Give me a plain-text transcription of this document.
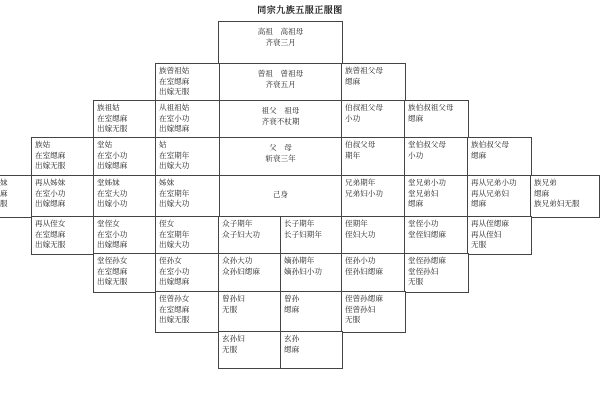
同宗九族五服正服图
高祖　高祖母
齐衰三月
曾祖　曾祖母
齐衰五月
祖父　祖母
齐衰不杖期
父　母
斩衰三年
己身
族曾祖姑
在室缌麻
出嫁无服
族曾祖父母
缌麻
族祖姑
在室缌麻
出嫁无服
从祖祖姑
在室小功
出嫁缌麻
伯叔祖父母
小功
族伯叔祖父母
缌麻
族姑
在室缌麻
出嫁无服
堂姑
在室小功
出嫁缌麻
姑
在室期年
出嫁大功
伯叔父母
期年
堂伯叔父母
小功
族伯叔父母
缌麻
妹
麻
服
再从姊妹
在室小功
出嫁缌麻
堂姊妹
在室大功
出嫁小功
姊妹
在室期年
出嫁大功
兄弟期年
兄弟妇小功
堂兄弟小功
堂兄弟妇
缌麻
再从兄弟小功
再从兄弟妇
缌麻
族兄弟
缌麻
族兄弟妇无服
再从侄女
在室缌麻
出嫁无服
堂侄女
在室小功
出嫁缌麻
侄女
在室期年
出嫁大功
众子期年
众子妇大功
长子期年
长子妇期年
侄期年
侄妇大功
堂侄小功
堂侄妇缌麻
再从侄缌麻
再从侄妇
无服
堂侄孙女
在室缌麻
出嫁无服
侄孙女
在室小功
出嫁缌麻
众孙大功
众孙妇缌麻
嫡孙期年
嫡孙妇小功
侄孙小功
侄孙妇缌麻
堂侄孙缌麻
堂侄孙妇
无服
侄曾孙女
在室缌麻
出嫁无服
曾孙妇
无服
曾孙
缌麻
侄曾孙缌麻
侄曾孙妇
无服
玄孙妇
无服
玄孙
缌麻
